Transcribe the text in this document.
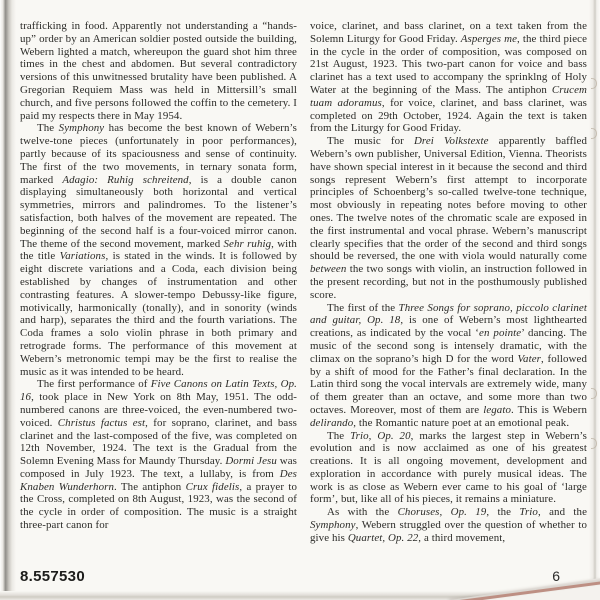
trafficking in food. Apparently not understanding a “hands-up” order by an American soldier posted outside the building, Webern lighted a match, whereupon the guard shot him three times in the chest and abdomen. But several contradictory versions of this unwitnessed brutality have been published. A Gregorian Requiem Mass was held in Mittersill’s small church, and five persons followed the coffin to the cemetery. I paid my respects there in May 1954.

The Symphony has become the best known of Webern’s twelve-tone pieces (unfortunately in poor performances), partly because of its spaciousness and sense of continuity. The first of the two movements, in ternary sonata form, marked Adagio: Ruhig schreitend, is a double canon displaying simultaneously both horizontal and vertical symmetries, mirrors and palindromes. To the listener’s satisfaction, both halves of the movement are repeated. The beginning of the second half is a four-voiced mirror canon. The theme of the second movement, marked Sehr ruhig, with the title Variations, is stated in the winds. It is followed by eight discrete variations and a Coda, each division being established by changes of instrumentation and other contrasting features. A slower-tempo Debussy-like figure, motivically, harmonically (tonally), and in sonority (winds and harp), separates the third and the fourth variations. The Coda frames a solo violin phrase in both primary and retrograde forms. The performance of this movement at Webern’s metronomic tempi may be the first to realise the music as it was intended to be heard.

The first performance of Five Canons on Latin Texts, Op. 16, took place in New York on 8th May, 1951. The odd-numbered canons are three-voiced, the even-numbered two-voiced. Christus factus est, for soprano, clarinet, and bass clarinet and the last-composed of the five, was completed on 12th November, 1924. The text is the Gradual from the Solemn Evening Mass for Maundy Thursday. Dormi Jesu was composed in July 1923. The text, a lullaby, is from Des Knaben Wunderhorn. The antiphon Crux fidelis, a prayer to the Cross, completed on 8th August, 1923, was the second of the cycle in order of composition. The music is a straight three-part canon for

voice, clarinet, and bass clarinet, on a text taken from the Solemn Liturgy for Good Friday. Asperges me, the third piece in the cycle in the order of composition, was composed on 21st August, 1923. This two-part canon for voice and bass clarinet has a text used to accompany the sprinklng of Holy Water at the beginning of the Mass. The antiphon Crucem tuam adoramus, for voice, clarinet, and bass clarinet, was completed on 29th October, 1924. Again the text is taken from the Liturgy for Good Friday.

The music for Drei Volkstexte apparently baffled Webern’s own publisher, Universal Edition, Vienna. Theorists have shown special interest in it because the second and third songs represent Webern’s first attempt to incorporate principles of Schoenberg’s so-called twelve-tone technique, most obviously in repeating notes before moving to other ones. The twelve notes of the chromatic scale are exposed in the first instrumental and vocal phrase. Webern’s manuscript clearly specifies that the order of the second and third songs should be reversed, the one with viola would naturally come between the two songs with violin, an instruction followed in the present recording, but not in the posthumously published score.

The first of the Three Songs for soprano, piccolo clarinet and guitar, Op. 18, is one of Webern’s most lighthearted creations, as indicated by the vocal ‘en pointe’ dancing. The music of the second song is intensely dramatic, with the climax on the soprano’s high D for the word Vater, followed by a shift of mood for the Father’s final declaration. In the Latin third song the vocal intervals are extremely wide, many of them greater than an octave, and some more than two octaves. Moreover, most of them are legato. This is Webern delirando, the Romantic nature poet at an emotional peak.

The Trio, Op. 20, marks the largest step in Webern’s evolution and is now acclaimed as one of his greatest creations. It is all ongoing movement, development and exploration in accordance with purely musical ideas. The work is as close as Webern ever came to his goal of ‘large form’, but, like all of his pieces, it remains a miniature.

As with the Choruses, Op. 19, the Trio, and the Symphony, Webern struggled over the question of whether to give his Quartet, Op. 22, a third movement,

8.557530	6
